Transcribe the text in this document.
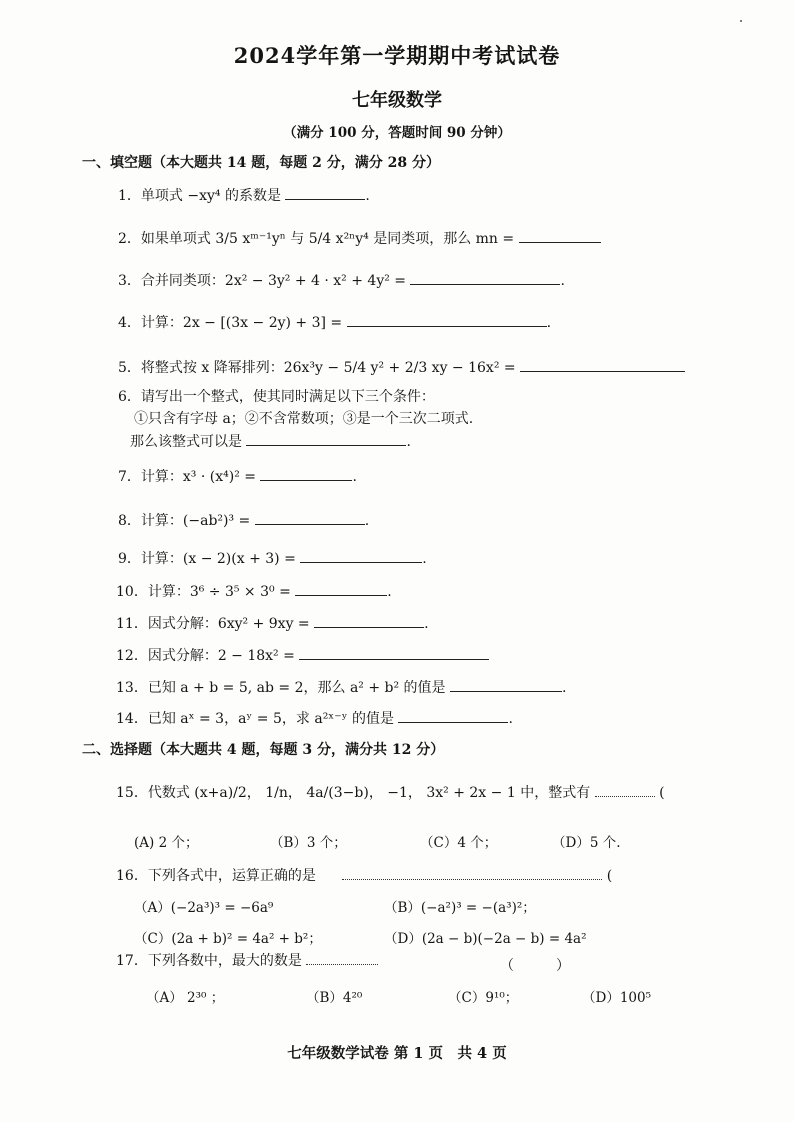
2024学年第一学期期中考试试卷
七年级数学
（满分 100 分，答题时间 90 分钟）
一、填空题（本大题共 14 题，每题 2 分，满分 28 分）
1．单项式 −xy⁴ 的系数是	.
2．如果单项式 3/5 xᵐ⁻¹yⁿ 与 5/4 x²ⁿy⁴ 是同类项，那么 mn =
3．合并同类项：2x² − 3y² + 4 · x² + 4y² =	.
4．计算：2x − [(3x − 2y) + 3] =	.
5．将整式按 x 降幂排列：26x³y − 5/4 y² + 2/3 xy − 16x² =
6．请写出一个整式，使其同时满足以下三个条件：
①只含有字母 a；②不含常数项；③是一个三次二项式.
那么该整式可以是	.
7．计算：x³ · (x⁴)² =	.
8．计算：(−ab²)³ =	.
9．计算：(x − 2)(x + 3) =	.
10．计算：3⁶ ÷ 3⁵ × 3⁰ =	.
11．因式分解：6xy² + 9xy =	.
12．因式分解：2 − 18x² =
13．已知 a + b = 5, ab = 2，那么 a² + b² 的值是	.
14．已知 aˣ = 3，aʸ = 5，求 a²ˣ⁻ʸ 的值是	.
二、选择题（本大题共 4 题，每题 3 分，满分共 12 分）
15．代数式 (x+a)/2， 1/n， 4a/(3−b)， −1， 3x² + 2x − 1 中，整式有	(
(A) 2 个；	（B）3 个；	（C）4 个；	（D）5 个.
16．下列各式中，运算正确的是	(
（A）(−2a³)³ = −6a⁹	（B）(−a²)³ = −(a³)²；
（C）(2a + b)² = 4a² + b²；	（D）(2a − b)(−2a − b) = 4a²
17．下列各数中，最大的数是	（　　　）
（A） 2³⁰ ；	（B）4²⁰	（C）9¹⁰；	（D）100⁵
七年级数学试卷 第 1 页　共 4 页
